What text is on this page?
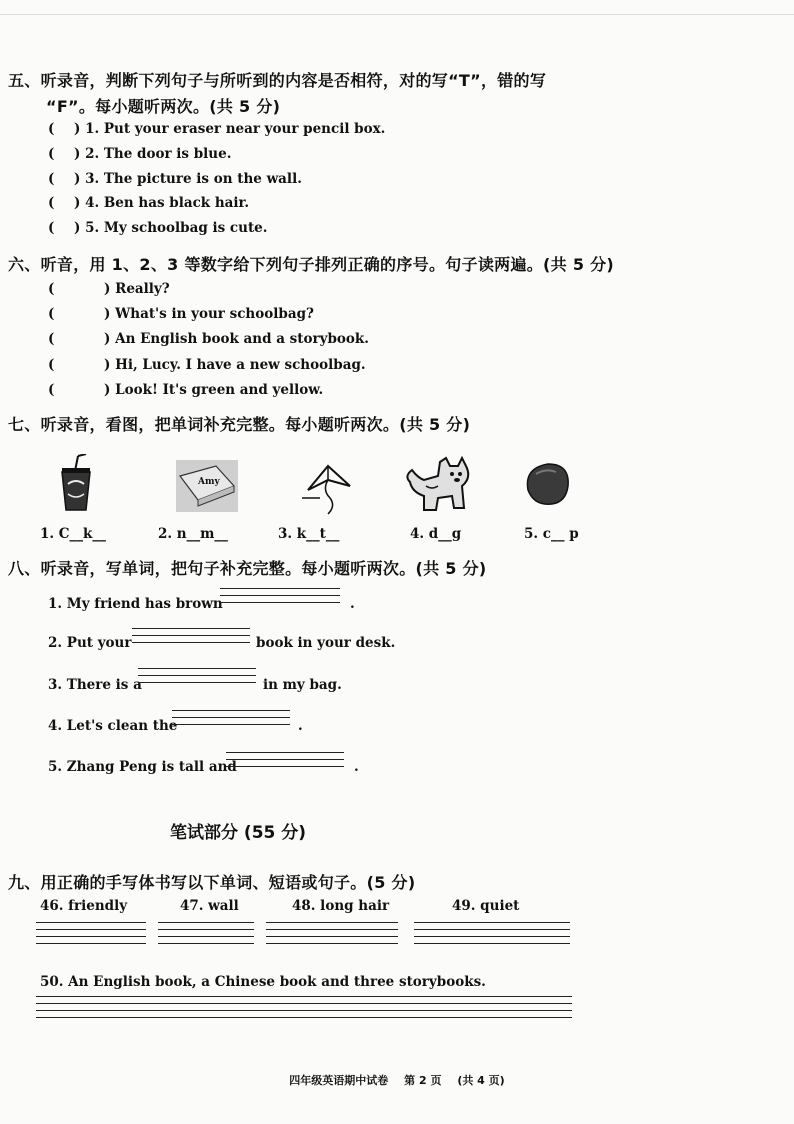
五、听录音，判断下列句子与所听到的内容是否相符，对的写“T”，错的写
“F”。每小题听两次。(共 5 分)
( ) 1. Put your eraser near your pencil box.
( ) 2. The door is blue.
( ) 3. The picture is on the wall.
( ) 4. Ben has black hair.
( ) 5. My schoolbag is cute.
六、听音，用 1、2、3 等数字给下列句子排列正确的序号。句子读两遍。(共 5 分)
(	) Really?
(	) What's in your schoolbag?
(	) An English book and a storybook.
(	) Hi, Lucy. I have a new schoolbag.
(	) Look! It's green and yellow.
七、听录音，看图，把单词补充完整。每小题听两次。(共 5 分)
Amy
1. C__k__	2. n__m__	3. k__t__	4. d__g	5. c__ p
八、听录音，写单词，把句子补充完整。每小题听两次。(共 5 分)
1. My friend has brown	.
2. Put your	book in your desk.
3. There is a	in my bag.
4. Let's clean the	.
5. Zhang Peng is tall and	.
笔试部分 (55 分)
九、用正确的手写体书写以下单词、短语或句子。(5 分)
46. friendly	47. wall	48. long hair	49. quiet
50. An English book, a Chinese book and three storybooks.
四年级英语期中试卷 第 2 页 (共 4 页)
